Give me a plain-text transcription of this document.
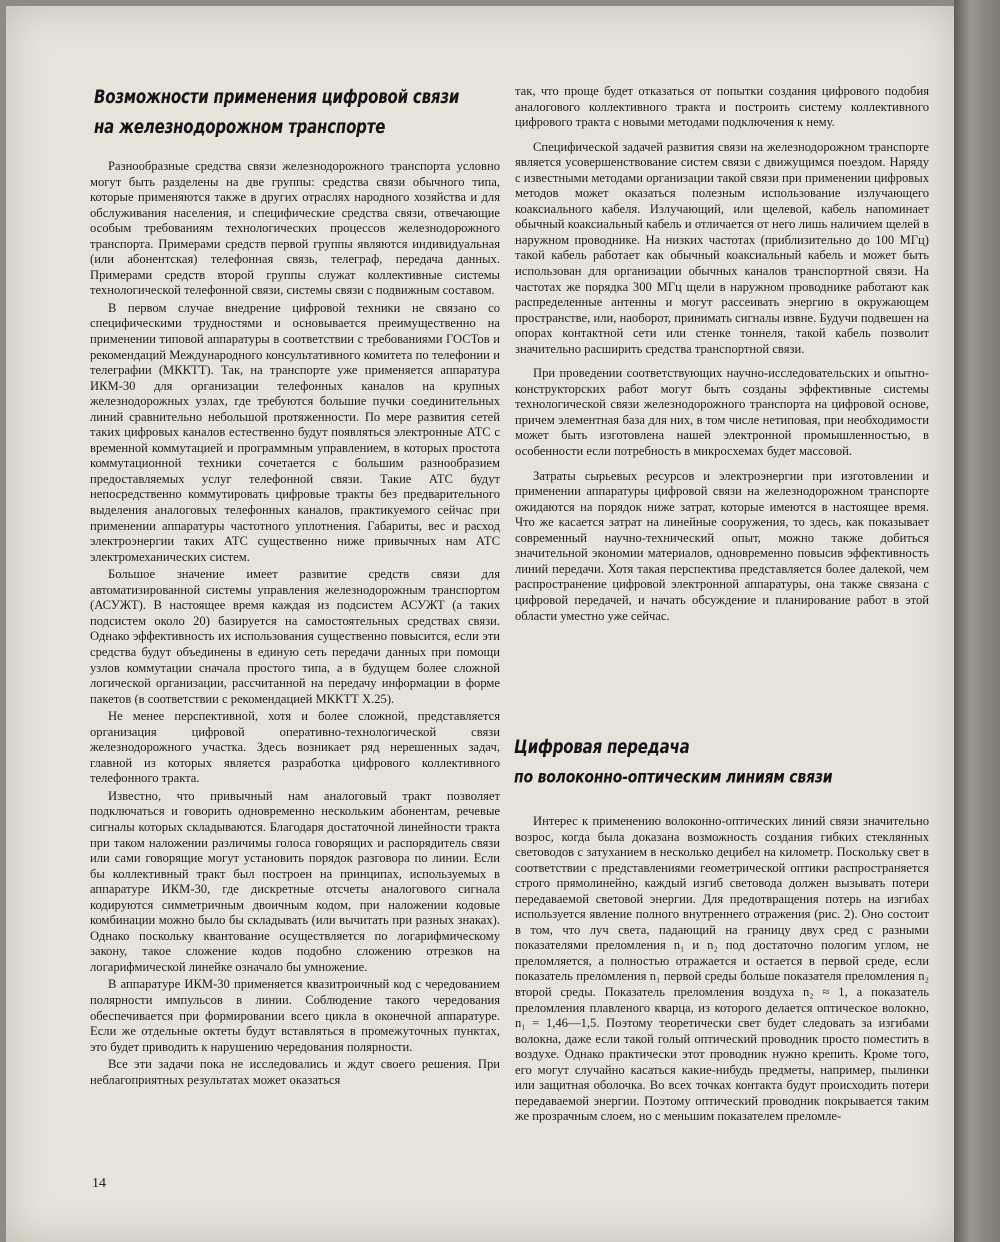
Возможности применения цифровой связи
на железнодорожном транспорте

Разнообразные средства связи железнодорожного транспорта условно могут быть разделены на две группы: средства связи обычного типа, которые применяются также в других отраслях народного хозяйства и для обслуживания населения, и специфические средства связи, отвечающие особым требованиям технологических процессов железнодорожного транспорта. Примерами средств первой группы являются индивидуальная (или абонентская) телефонная связь, телеграф, передача данных. Примерами средств второй группы служат коллективные системы технологической телефонной связи, системы связи с подвижным составом.

В первом случае внедрение цифровой техники не связано со специфическими трудностями и основывается преимущественно на применении типовой аппаратуры в соответствии с требованиями ГОСТов и рекомендаций Международного консультативного комитета по телефонии и телеграфии (МККТТ). Так, на транспорте уже применяется аппаратура ИКМ-30 для организации телефонных каналов на крупных железнодорожных узлах, где требуются большие пучки соединительных линий сравнительно небольшой протяженности. По мере развития сетей таких цифровых каналов естественно будут появляться электронные АТС с временной коммутацией и программным управлением, в которых простота коммутационной техники сочетается с большим разнообразием предоставляемых услуг телефонной связи. Такие АТС будут непосредственно коммутировать цифровые тракты без предварительного выделения аналоговых телефонных каналов, практикуемого сейчас при применении аппаратуры частотного уплотнения. Габариты, вес и расход электроэнергии таких АТС существенно ниже привычных нам АТС электромеханических систем.

Большое значение имеет развитие средств связи для автоматизированной системы управления железнодорожным транспортом (АСУЖТ). В настоящее время каждая из подсистем АСУЖТ (а таких подсистем около 20) базируется на самостоятельных средствах связи. Однако эффективность их использования существенно повысится, если эти средства будут объединены в единую сеть передачи данных при помощи узлов коммутации сначала простого типа, а в будущем более сложной логической организации, рассчитанной на передачу информации в форме пакетов (в соответствии с рекомендацией МККТТ Х.25).

Не менее перспективной, хотя и более сложной, представляется организация цифровой оперативно-технологической связи железнодорожного участка. Здесь возникает ряд нерешенных задач, главной из которых является разработка цифрового коллективного телефонного тракта.

Известно, что привычный нам аналоговый тракт позволяет подключаться и говорить одновременно нескольким абонентам, речевые сигналы которых складываются. Благодаря достаточной линейности тракта при таком наложении различимы голоса говорящих и распорядитель связи или сами говорящие могут установить порядок разговора по линии. Если бы коллективный тракт был построен на принципах, используемых в аппаратуре ИКМ-30, где дискретные отсчеты аналогового сигнала кодируются симметричным двоичным кодом, при наложении кодовые комбинации можно было бы складывать (или вычитать при разных знаках). Однако поскольку квантование осуществляется по логарифмическому закону, такое сложение кодов подобно сложению отрезков на логарифмической линейке означало бы умножение.

В аппаратуре ИКМ-30 применяется квазитроичный код с чередованием полярности импульсов в линии. Соблюдение такого чередования обеспечивается при формировании всего цикла в оконечной аппаратуре. Если же отдельные октеты будут вставляться в промежуточных пунктах, это будет приводить к нарушению чередования полярности.

Все эти задачи пока не исследовались и ждут своего решения. При неблагоприятных результатах может оказаться

так, что проще будет отказаться от попытки создания цифрового подобия аналогового коллективного тракта и построить систему коллективного цифрового тракта с новыми методами подключения к нему.

Специфической задачей развития связи на железнодорожном транспорте является усовершенствование систем связи с движущимся поездом. Наряду с известными методами организации такой связи при применении цифровых методов может оказаться полезным использование излучающего коаксиального кабеля. Излучающий, или щелевой, кабель напоминает обычный коаксиальный кабель и отличается от него лишь наличием щелей в наружном проводнике. На низких частотах (приблизительно до 100 МГц) такой кабель работает как обычный коаксиальный кабель и может быть использован для организации обычных каналов транспортной связи. На частотах же порядка 300 МГц щели в наружном проводнике работают как распределенные антенны и могут рассеивать энергию в окружающем пространстве, или, наоборот, принимать сигналы извне. Будучи подвешен на опорах контактной сети или стенке тоннеля, такой кабель позволит значительно расширить средства транспортной связи.

При проведении соответствующих научно-исследовательских и опытно-конструкторских работ могут быть созданы эффективные системы технологической связи железнодорожного транспорта на цифровой основе, причем элементная база для них, в том числе нетиповая, при необходимости может быть изготовлена нашей электронной промышленностью, в особенности если потребность в микросхемах будет массовой.

Затраты сырьевых ресурсов и электроэнергии при изготовлении и применении аппаратуры цифровой связи на железнодорожном транспорте ожидаются на порядок ниже затрат, которые имеются в настоящее время. Что же касается затрат на линейные сооружения, то здесь, как показывает современный научно-технический опыт, можно также добиться значительной экономии материалов, одновременно повысив эффективность линий передачи. Хотя такая перспектива представляется более далекой, чем распространение цифровой электронной аппаратуры, она также связана с цифровой передачей, и начать обсуждение и планирование работ в этой области уместно уже сейчас.

Цифровая передача
по волоконно-оптическим линиям связи

Интерес к применению волоконно-оптических линий связи значительно возрос, когда была доказана возможность создания гибких стеклянных световодов с затуханием в несколько децибел на километр. Поскольку свет в соответствии с представлениями геометрической оптики распространяется строго прямолинейно, каждый изгиб световода должен вызывать потери передаваемой световой энергии. Для предотвращения потерь на изгибах используется явление полного внутреннего отражения (рис. 2). Оно состоит в том, что луч света, падающий на границу двух сред с разными показателями преломления n₁ и n₂ под достаточно пологим углом, не преломляется, а полностью отражается и остается в первой среде, если показатель преломления n₁ первой среды больше показателя преломления n₂ второй среды. Показатель преломления воздуха n₂ ≈ 1, а показатель преломления плавленого кварца, из которого делается оптическое волокно, n₁ = 1,46—1,5. Поэтому теоретически свет будет следовать за изгибами волокна, даже если такой голый оптический проводник просто поместить в воздухе. Однако практически этот проводник нужно крепить. Кроме того, его могут случайно касаться какие-нибудь предметы, например, пылинки или защитная оболочка. Во всех точках контакта будут происходить потери передаваемой энергии. Поэтому оптический проводник покрывается таким же прозрачным слоем, но с меньшим показателем преломле-

14
